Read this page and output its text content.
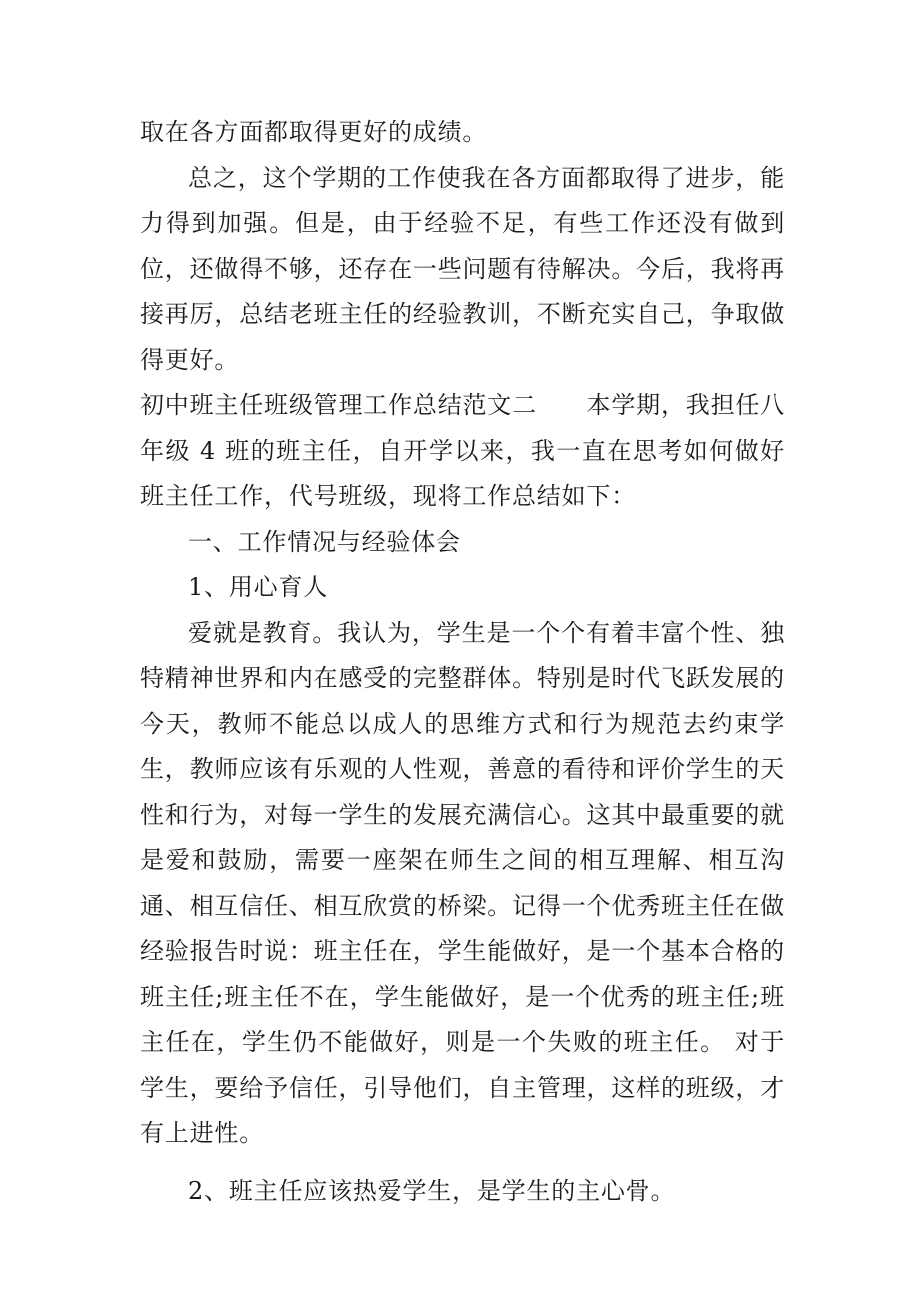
取在各方面都取得更好的成绩。

总之，这个学期的工作使我在各方面都取得了进步，能力得到加强。但是，由于经验不足，有些工作还没有做到位，还做得不够，还存在一些问题有待解决。今后，我将再接再厉，总结老班主任的经验教训，不断充实自己，争取做得更好。

初中班主任班级管理工作总结范文二　　本学期，我担任八年级 4 班的班主任，自开学以来，我一直在思考如何做好班主任工作，代号班级，现将工作总结如下：

一、工作情况与经验体会

1、用心育人

爱就是教育。我认为，学生是一个个有着丰富个性、独特精神世界和内在感受的完整群体。特别是时代飞跃发展的今天，教师不能总以成人的思维方式和行为规范去约束学生，教师应该有乐观的人性观，善意的看待和评价学生的天性和行为，对每一学生的发展充满信心。这其中最重要的就是爱和鼓励，需要一座架在师生之间的相互理解、相互沟通、相互信任、相互欣赏的桥梁。记得一个优秀班主任在做经验报告时说：班主任在，学生能做好，是一个基本合格的班主任;班主任不在，学生能做好，是一个优秀的班主任;班主任在，学生仍不能做好，则是一个失败的班主任。 对于学生，要给予信任，引导他们，自主管理，这样的班级，才有上进性。

2、班主任应该热爱学生，是学生的主心骨。
